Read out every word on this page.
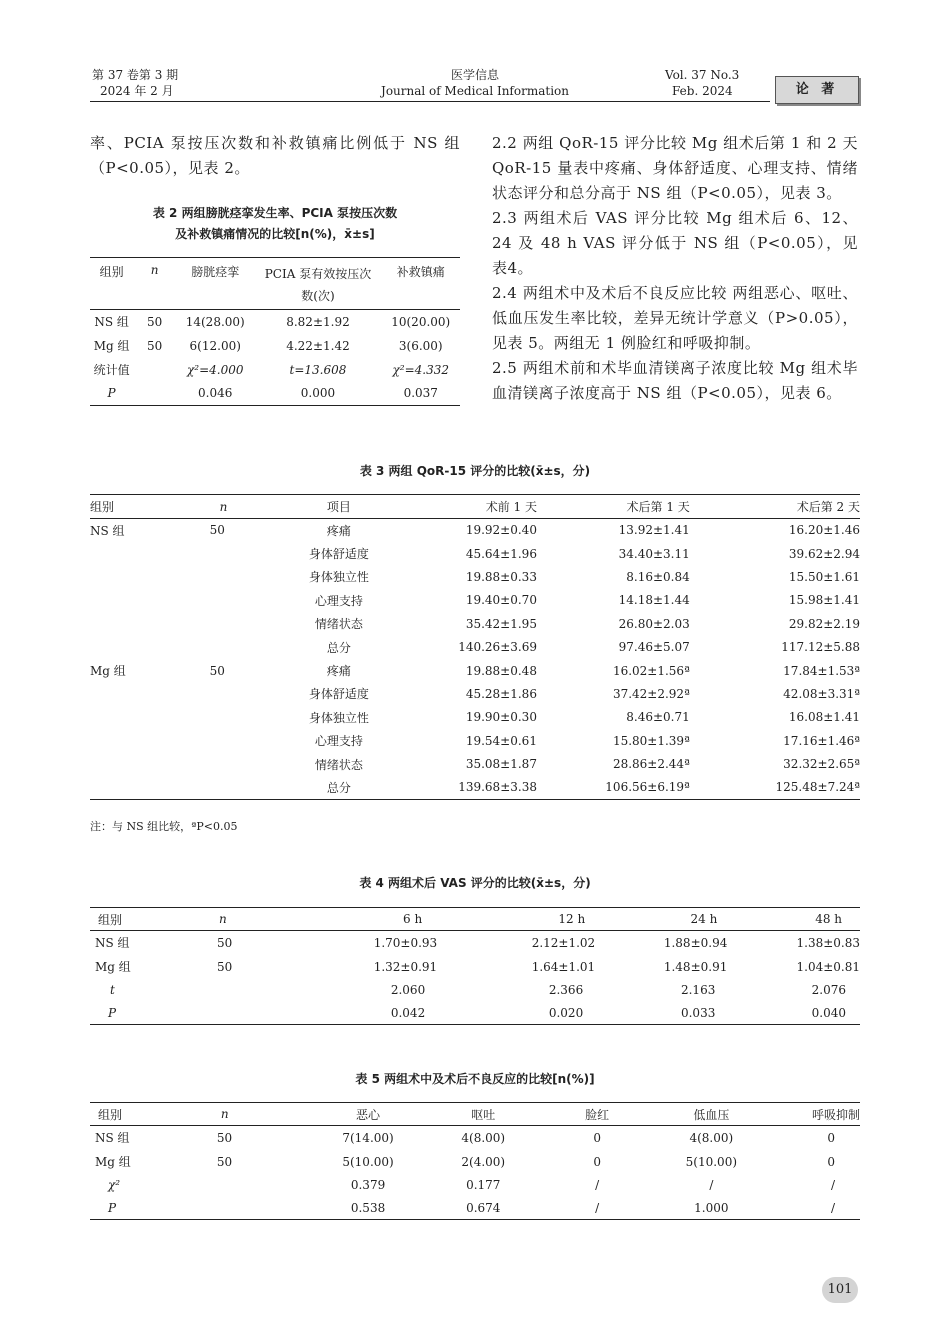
第 37 卷第 3 期
2024 年 2 月
医学信息
Journal of Medical Information
Vol. 37 No.3
Feb. 2024	论 著
率、PCIA 泵按压次数和补救镇痛比例低于 NS 组（P<0.05），见表 2。
表 2 两组膀胱痉挛发生率、PCIA 泵按压次数
及补救镇痛情况的比较[n(%)，x̄±s]
组别	n	膀胱痉挛	PCIA 泵有效按压次数(次)	补救镇痛
NS 组	50	14(28.00)	8.82±1.92	10(20.00)
Mg 组	50	6(12.00)	4.22±1.42	3(6.00)
统计值		χ²=4.000	t=13.608	χ²=4.332
P		0.046	0.000	0.037

2.2 两组 QoR-15 评分比较 Mg 组术后第 1 和 2 天 QoR-15 量表中疼痛、身体舒适度、心理支持、情绪状态评分和总分高于 NS 组（P<0.05），见表 3。

2.3 两组术后 VAS 评分比较 Mg 组术后 6、12、24 及 48 h VAS 评分低于 NS 组（P<0.05），见表4。

2.4 两组术中及术后不良反应比较 两组恶心、呕吐、低血压发生率比较，差异无统计学意义（P>0.05），见表 5。两组无 1 例脸红和呼吸抑制。

2.5 两组术前和术毕血清镁离子浓度比较 Mg 组术毕血清镁离子浓度高于 NS 组（P<0.05），见表 6。

表 3 两组 QoR-15 评分的比较(x̄±s，分)
组别	n	项目	术前 1 天	术后第 1 天	术后第 2 天
NS 组	50	疼痛	19.92±0.40	13.92±1.41	16.20±1.46
		身体舒适度	45.64±1.96	34.40±3.11	39.62±2.94
		身体独立性	19.88±0.33	8.16±0.84	15.50±1.61
		心理支持	19.40±0.70	14.18±1.44	15.98±1.41
		情绪状态	35.42±1.95	26.80±2.03	29.82±2.19
		总分	140.26±3.69	97.46±5.07	117.12±5.88
Mg 组	50	疼痛	19.88±0.48	16.02±1.56ª	17.84±1.53ª
		身体舒适度	45.28±1.86	37.42±2.92ª	42.08±3.31ª
		身体独立性	19.90±0.30	8.46±0.71	16.08±1.41
		心理支持	19.54±0.61	15.80±1.39ª	17.16±1.46ª
		情绪状态	35.08±1.87	28.86±2.44ª	32.32±2.65ª
		总分	139.68±3.38	106.56±6.19ª	125.48±7.24ª
注：与 NS 组比较，ªP<0.05
表 4 两组术后 VAS 评分的比较(x̄±s，分)
组别	n	6 h	12 h	24 h	48 h
NS 组	50	1.70±0.93	2.12±1.02	1.88±0.94	1.38±0.83
Mg 组	50	1.32±0.91	1.64±1.01	1.48±0.91	1.04±0.81
t		2.060	2.366	2.163	2.076
P		0.042	0.020	0.033	0.040
表 5 两组术中及术后不良反应的比较[n(%)]
组别	n	恶心	呕吐	脸红	低血压	呼吸抑制
NS 组	50	7(14.00)	4(8.00)	0	4(8.00)	0
Mg 组	50	5(10.00)	2(4.00)	0	5(10.00)	0
χ²		0.379	0.177	/	/	/
P		0.538	0.674	/	1.000	/
101
